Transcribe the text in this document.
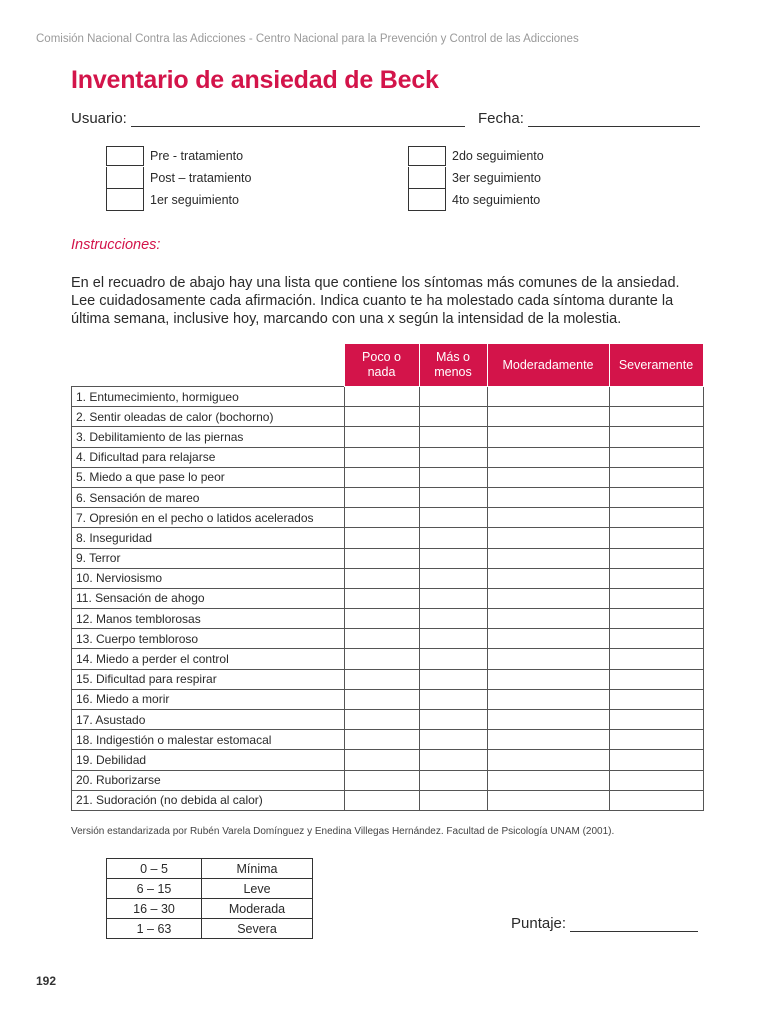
Comisión Nacional Contra las Adicciones - Centro Nacional para la Prevención y Control de las Adicciones
Inventario de ansiedad de Beck
Usuario:	Fecha:
Pre - tratamiento
Post – tratamiento
1er seguimiento
2do seguimiento
3er seguimiento
4to seguimiento
Instrucciones:
En el recuadro de abajo hay una lista que contiene los síntomas más comunes de la ansiedad. Lee cuidadosamente cada afirmación. Indica cuanto te ha molestado cada síntoma durante la última semana, inclusive hoy, marcando con una x según la intensidad de la molestia.
	Poco o nada	Más o menos	Moderadamente	Severamente
1. Entumecimiento, hormigueo				
2. Sentir oleadas de calor (bochorno)				
3. Debilitamiento de las piernas				
4. Dificultad para relajarse				
5. Miedo a que pase lo peor				
6. Sensación de mareo				
7. Opresión en el pecho o latidos acelerados				
8. Inseguridad				
9. Terror				
10. Nerviosismo				
11. Sensación de ahogo				
12. Manos temblorosas				
13. Cuerpo tembloroso				
14. Miedo a perder el control				
15. Dificultad para respirar				
16. Miedo a morir				
17. Asustado				
18. Indigestión o malestar estomacal				
19. Debilidad				
20. Ruborizarse				
21. Sudoración (no debida al calor)				
Versión estandarizada por Rubén Varela Domínguez y Enedina Villegas Hernández. Facultad de Psicología UNAM (2001).
0 – 5	Mínima
6 – 15	Leve
16 – 30	Moderada
1 – 63	Severa	Puntaje:
192
